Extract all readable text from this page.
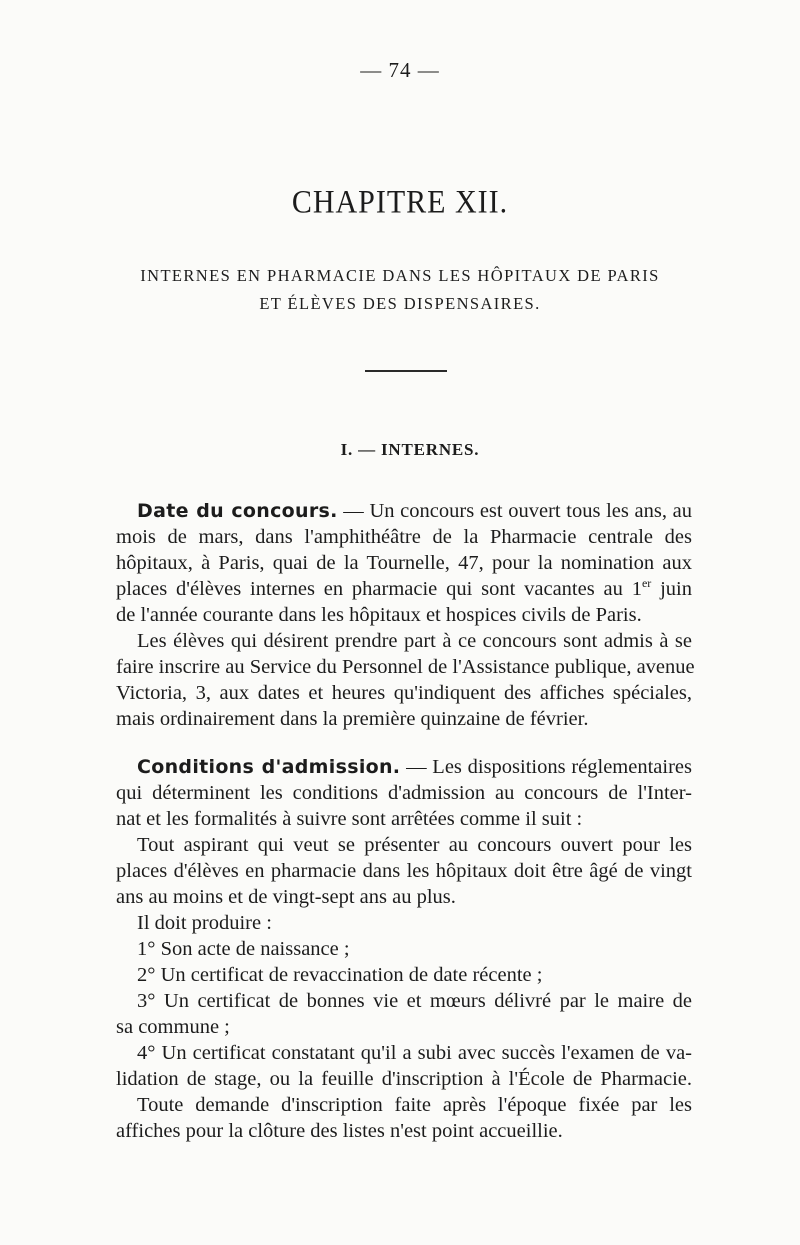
— 74 —
CHAPITRE XII.
INTERNES EN PHARMACIE DANS LES HÔPITAUX DE PARIS
ET ÉLÈVES DES DISPENSAIRES.
I. — INTERNES.
Date du concours. — Un concours est ouvert tous les ans, au
mois de mars, dans l'amphithéâtre de la Pharmacie centrale des
hôpitaux, à Paris, quai de la Tournelle, 47, pour la nomination aux
places d'élèves internes en pharmacie qui sont vacantes au 1er juin
de l'année courante dans les hôpitaux et hospices civils de Paris.
Les élèves qui désirent prendre part à ce concours sont admis à se
faire inscrire au Service du Personnel de l'Assistance publique, avenue
Victoria, 3, aux dates et heures qu'indiquent des affiches spéciales,
mais ordinairement dans la première quinzaine de février.
Conditions d'admission. — Les dispositions réglementaires
qui déterminent les conditions d'admission au concours de l'Inter-
nat et les formalités à suivre sont arrêtées comme il suit :
Tout aspirant qui veut se présenter au concours ouvert pour les
places d'élèves en pharmacie dans les hôpitaux doit être âgé de vingt
ans au moins et de vingt-sept ans au plus.
Il doit produire :
1° Son acte de naissance ;
2° Un certificat de revaccination de date récente ;
3° Un certificat de bonnes vie et mœurs délivré par le maire de
sa commune ;
4° Un certificat constatant qu'il a subi avec succès l'examen de va-
lidation de stage, ou la feuille d'inscription à l'École de Pharmacie.
Toute demande d'inscription faite après l'époque fixée par les
affiches pour la clôture des listes n'est point accueillie.
